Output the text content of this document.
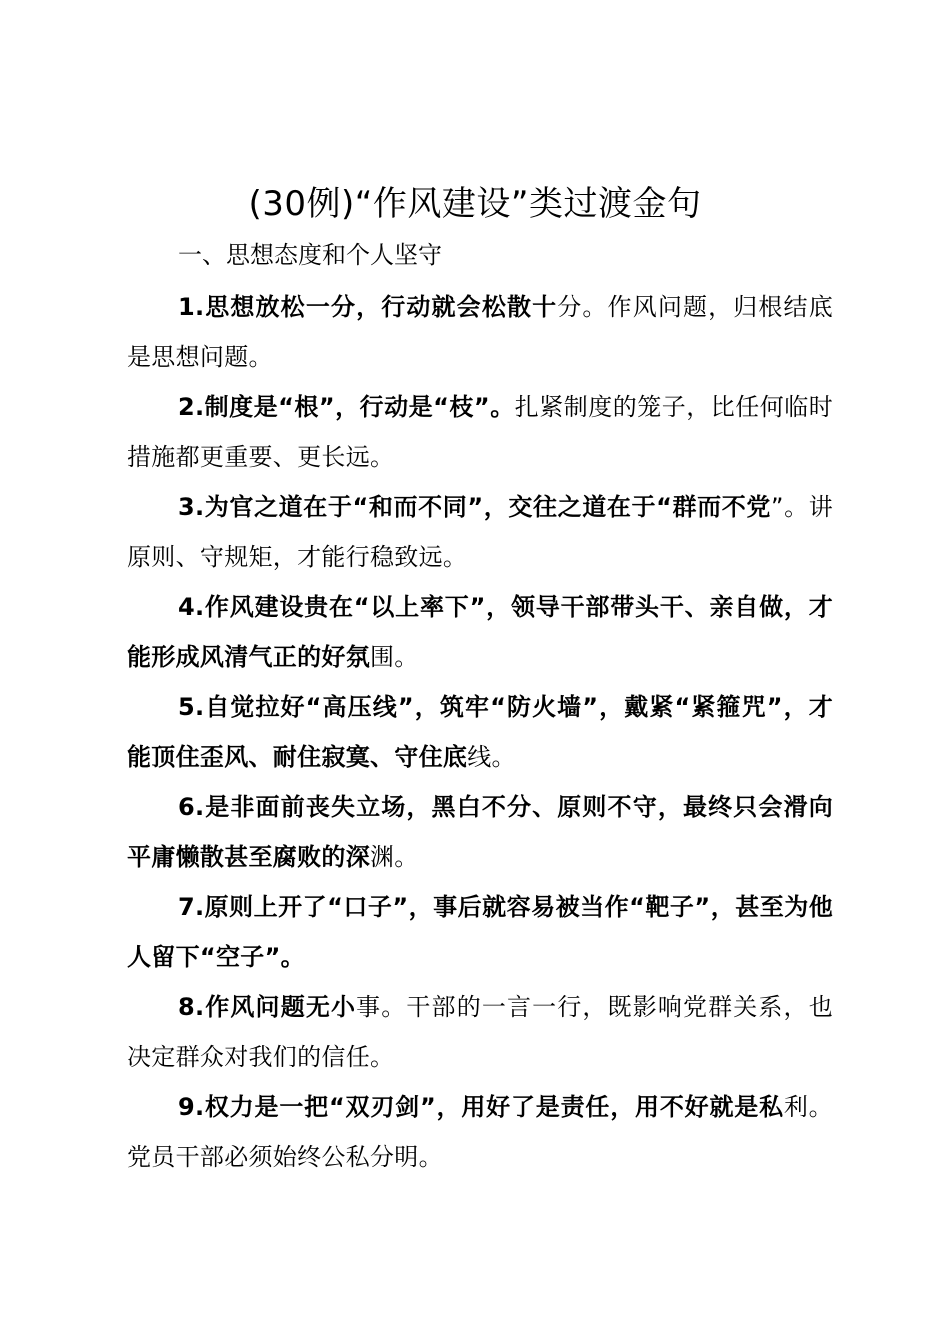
(30例)“作风建设”类过渡金句
一、思想态度和个人坚守

1.思想放松一分，行动就会松散十分。作风问题，归根结底是思想问题。

2.制度是“根”，行动是“枝”。扎紧制度的笼子，比任何临时措施都更重要、更长远。

3.为官之道在于“和而不同”，交往之道在于“群而不党”。讲原则、守规矩，才能行稳致远。

4.作风建设贵在“以上率下”，领导干部带头干、亲自做，才能形成风清气正的好氛围。

5.自觉拉好“高压线”，筑牢“防火墙”，戴紧“紧箍咒”，才能顶住歪风、耐住寂寞、守住底线。

6.是非面前丧失立场，黑白不分、原则不守，最终只会滑向平庸懒散甚至腐败的深渊。

7.原则上开了“口子”，事后就容易被当作“靶子”，甚至为他人留下“空子”。

8.作风问题无小事。干部的一言一行，既影响党群关系，也决定群众对我们的信任。

9.权力是一把“双刃剑”，用好了是责任，用不好就是私利。党员干部必须始终公私分明。
